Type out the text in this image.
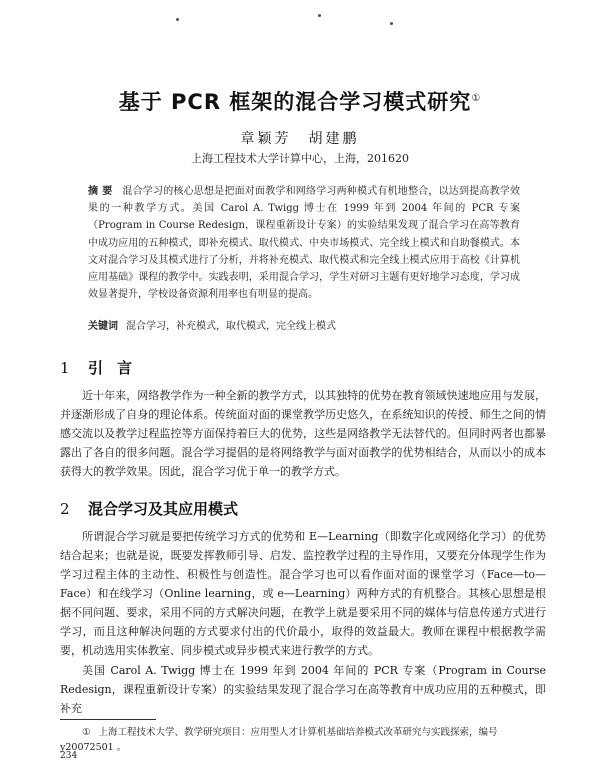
基于 PCR 框架的混合学习模式研究①
章颖芳　胡建鹏
上海工程技术大学计算中心，上海，201620
摘要 混合学习的核心思想是把面对面教学和网络学习两种模式有机地整合，以达到提高教学效果的一种教学方式。美国 Carol A. Twigg 博士在 1999 年到 2004 年间的 PCR 专案（Program in Course Redesign，课程重新设计专案）的实验结果发现了混合学习在高等教育中成功应用的五种模式，即补充模式、取代模式、中央市场模式、完全线上模式和自助餐模式。本文对混合学习及其模式进行了分析，并将补充模式、取代模式和完全线上模式应用于高校《计算机应用基础》课程的教学中。实践表明，采用混合学习，学生对研习主题有更好地学习态度，学习成效显著提升，学校设备资源利用率也有明显的提高。
关键词 混合学习，补充模式，取代模式，完全线上模式
1 引言
近十年来，网络教学作为一种全新的教学方式，以其独特的优势在教育领域快速地应用与发展，并逐渐形成了自身的理论体系。传统面对面的课堂教学历史悠久，在系统知识的传授、师生之间的情感交流以及教学过程监控等方面保持着巨大的优势，这些是网络教学无法替代的。但同时两者也都暴露出了各自的很多问题。混合学习提倡的是将网络教学与面对面教学的优势相结合，从而以小的成本获得大的教学效果。因此，混合学习优于单一的教学方式。
2 混合学习及其应用模式
所谓混合学习就是要把传统学习方式的优势和 E—Learning（即数字化或网络化学习）的优势结合起来；也就是说，既要发挥教师引导、启发、监控教学过程的主导作用，又要充分体现学生作为学习过程主体的主动性、积极性与创造性。混合学习也可以看作面对面的课堂学习（Face—to—Face）和在线学习（Online learning，或 e—Learning）两种方式的有机整合。其核心思想是根据不同问题、要求，采用不同的方式解决问题，在教学上就是要采用不同的媒体与信息传递方式进行学习，而且这种解决问题的方式要求付出的代价最小，取得的效益最大。教师在课程中根据教学需要，机动选用实体教室、同步模式或异步模式来进行教学的方式。
美国 Carol A. Twigg 博士在 1999 年到 2004 年间的 PCR 专案（Program in Course Redesign，课程重新设计专案）的实验结果发现了混合学习在高等教育中成功应用的五种模式，即补充
① 上海工程技术大学、教学研究项目：应用型人才计算机基础培养模式改革研究与实践探索，编号 y20072501 。
234
